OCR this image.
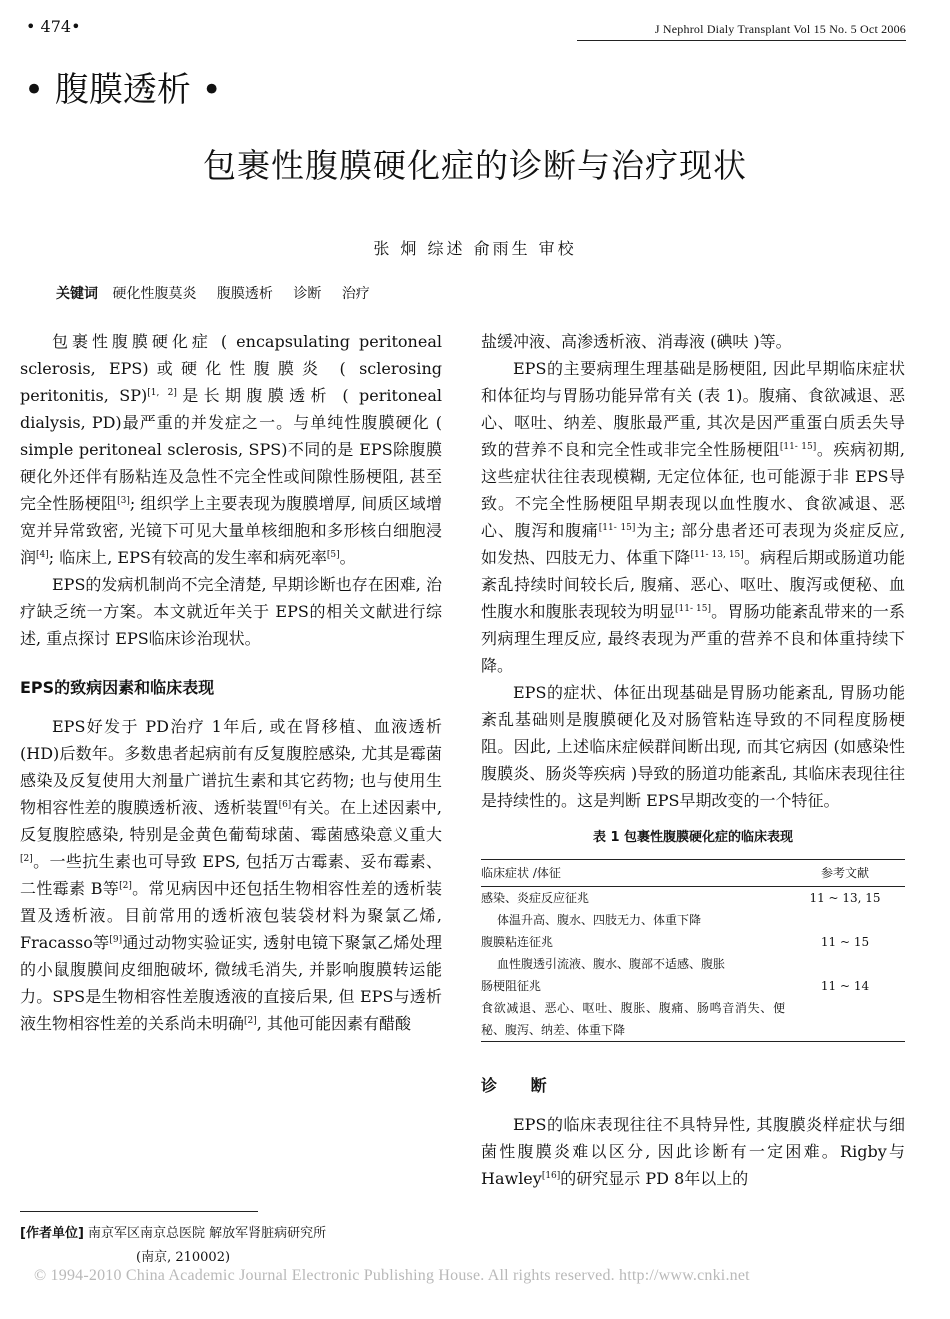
• 474•	J Nephrol Dialy Transplant Vol 15 No. 5 Oct 2006
• 腹膜透析 •
包裹性腹膜硬化症的诊断与治疗现状
张 炯 综述 俞雨生 审校
关键词 硬化性腹莫炎 腹膜透析 诊断 治疗

包裹性腹膜硬化症 ( encapsulating peritoneal sclerosis, EPS)或硬化性腹膜炎 ( sclerosing peritonitis, SP)[1, 2]是长期腹膜透析 ( peritoneal dialysis, PD)最严重的并发症之一。与单纯性腹膜硬化 ( simple peritoneal sclerosis, SPS)不同的是 EPS除腹膜硬化外还伴有肠粘连及急性不完全性或间隙性肠梗阻, 甚至完全性肠梗阻[3]; 组织学上主要表现为腹膜增厚, 间质区域增宽并异常致密, 光镜下可见大量单核细胞和多形核白细胞浸润[4]; 临床上, EPS有较高的发生率和病死率[5]。

EPS的发病机制尚不完全清楚, 早期诊断也存在困难, 治疗缺乏统一方案。本文就近年关于 EPS的相关文献进行综述, 重点探讨 EPS临床诊治现状。

EPS的致病因素和临床表现

EPS好发于 PD治疗 1年后, 或在肾移植、血液透析 (HD)后数年。多数患者起病前有反复腹腔感染, 尤其是霉菌感染及反复使用大剂量广谱抗生素和其它药物; 也与使用生物相容性差的腹膜透析液、透析装置[6]有关。在上述因素中, 反复腹腔感染, 特别是金黄色葡萄球菌、霉菌感染意义重大[2]。一些抗生素也可导致 EPS, 包括万古霉素、妥布霉素、二性霉素 B等[2]。常见病因中还包括生物相容性差的透析装置及透析液。目前常用的透析液包装袋材料为聚氯乙烯, Fracasso等[9]通过动物实验证实, 透射电镜下聚氯乙烯处理的小鼠腹膜间皮细胞破坏, 微绒毛消失, 并影响腹膜转运能力。SPS是生物相容性差腹透液的直接后果, 但 EPS与透析液生物相容性差的关系尚未明确[2], 其他可能因素有醋酸

盐缓冲液、高渗透析液、消毒液 (碘呋 )等。

EPS的主要病理生理基础是肠梗阻, 因此早期临床症状和体征均与胃肠功能异常有关 (表 1)。腹痛、食欲减退、恶心、呕吐、纳差、腹胀最严重, 其次是因严重蛋白质丢失导致的营养不良和完全性或非完全性肠梗阻[11- 15]。疾病初期, 这些症状往往表现模糊, 无定位体征, 也可能源于非 EPS导致。不完全性肠梗阻早期表现以血性腹水、食欲减退、恶心、腹泻和腹痛[11- 15]为主; 部分患者还可表现为炎症反应, 如发热、四肢无力、体重下降[11- 13, 15]。病程后期或肠道功能紊乱持续时间较长后, 腹痛、恶心、呕吐、腹泻或便秘、血性腹水和腹胀表现较为明显[11- 15]。胃肠功能紊乱带来的一系列病理生理反应, 最终表现为严重的营养不良和体重持续下降。

EPS的症状、体征出现基础是胃肠功能紊乱, 胃肠功能紊乱基础则是腹膜硬化及对肠管粘连导致的不同程度肠梗阻。因此, 上述临床症候群间断出现, 而其它病因 (如感染性腹膜炎、肠炎等疾病 )导致的肠道功能紊乱, 其临床表现往往是持续性的。这是判断 EPS早期改变的一个特征。

表 1 包裹性腹膜硬化症的临床表现
临床症状 /体征	参考文献
感染、炎症反应征兆	11 ~ 13, 15
体温升高、腹水、四肢无力、体重下降	
腹膜粘连征兆	11 ~ 15
血性腹透引流液、腹水、腹部不适感、腹胀	
肠梗阻征兆	11 ~ 14
食欲减退、恶心、呕吐、腹胀、腹痛、肠鸣音消失、便秘、腹泻、纳差、体重下降	
诊 断

EPS的临床表现往往不具特异性, 其腹膜炎样症状与细菌性腹膜炎难以区分, 因此诊断有一定困难。Rigby与 Hawley[16]的研究显示 PD 8年以上的

[作者单位] 南京军区南京总医院 解放军肾脏病研究所
(南京, 210002)
© 1994-2010 China Academic Journal Electronic Publishing House. All rights reserved. http://www.cnki.net
